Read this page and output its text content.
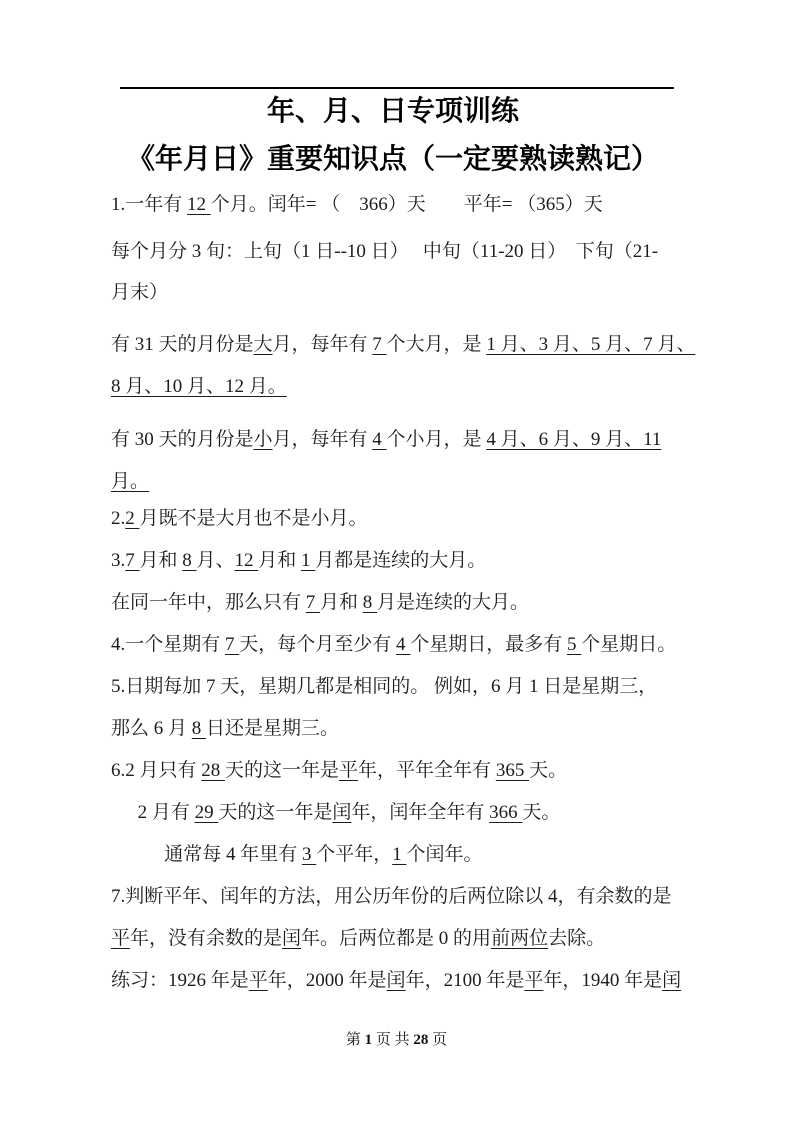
年、月、日专项训练
《年月日》重要知识点（一定要熟读熟记）

1.一年有 12 个月。闰年= （　366）天　　平年= （365）天

每个月分 3 旬：上旬（1 日--10 日）　 中旬（11-20 日）　下旬（21-

月末）

有 31 天的月份是大月，每年有 7 个大月，是 1 月、3 月、5 月、7 月、

8 月、10 月、12 月。

有 30 天的月份是小月，每年有 4 个小月，是 4 月、6 月、9 月、11

月。

2.2 月既不是大月也不是小月。

3.7 月和 8 月、12 月和 1 月都是连续的大月。

在同一年中，那么只有 7 月和 8 月是连续的大月。

4.一个星期有 7 天，每个月至少有 4 个星期日，最多有 5 个星期日。

5.日期每加 7 天，星期几都是相同的。 例如，6 月 1 日是星期三，

那么 6 月 8 日还是星期三。

6.2 月只有 28 天的这一年是平年，平年全年有 365 天。

2 月有 29 天的这一年是闰年，闰年全年有 366 天。

通常每 4 年里有 3 个平年，1 个闰年。

7.判断平年、闰年的方法，用公历年份的后两位除以 4，有余数的是

平年，没有余数的是闰年。后两位都是 0 的用前两位去除。

练习：1926 年是平年，2000 年是闰年，2100 年是平年，1940 年是闰

第 1 页 共 28 页
